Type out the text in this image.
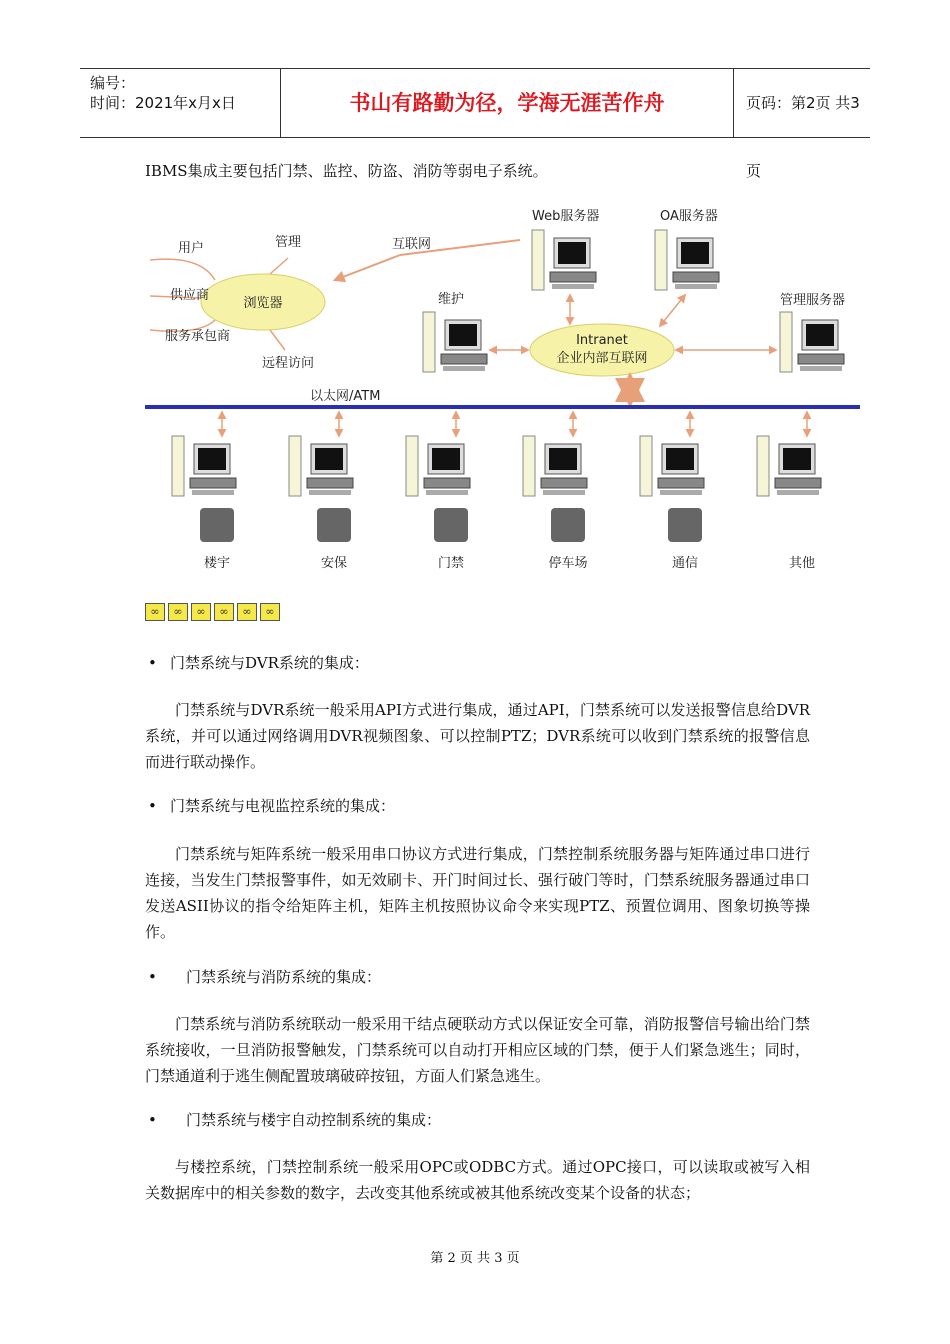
编号：
时间：2021年x月x日	书山有路勤为径，学海无涯苦作舟	页码：第2页 共3页
IBMS集成主要包括门禁、监控、防盗、消防等弱电子系统。
浏览器
用户	管理	互联网
供应商
服务承包商
远程访问
Web服务器	OA服务器
维护	管理服务器
Intranet
企业内部互联网
以太网/ATM
楼宇	安保	门禁	停车场	通信	其他
∞ ∞ ∞ ∞ ∞ ∞
• 门禁系统与DVR系统的集成：
门禁系统与DVR系统一般采用API方式进行集成，通过API，门禁系统可以发送报警信息给DVR系统，并可以通过网络调用DVR视频图象、可以控制PTZ；DVR系统可以收到门禁系统的报警信息而进行联动操作。
• 门禁系统与电视监控系统的集成：
门禁系统与矩阵系统一般采用串口协议方式进行集成，门禁控制系统服务器与矩阵通过串口进行连接，当发生门禁报警事件，如无效刷卡、开门时间过长、强行破门等时，门禁系统服务器通过串口发送ASII协议的指令给矩阵主机，矩阵主机按照协议命令来实现PTZ、预置位调用、图象切换等操作。
• 门禁系统与消防系统的集成：
门禁系统与消防系统联动一般采用干结点硬联动方式以保证安全可靠，消防报警信号输出给门禁系统接收，一旦消防报警触发，门禁系统可以自动打开相应区域的门禁，便于人们紧急逃生；同时，门禁通道利于逃生侧配置玻璃破碎按钮，方面人们紧急逃生。
• 门禁系统与楼宇自动控制系统的集成：
与楼控系统，门禁控制系统一般采用OPC或ODBC方式。通过OPC接口，可以读取或被写入相关数据库中的相关参数的数字，去改变其他系统或被其他系统改变某个设备的状态；
第 2 页 共 3 页
